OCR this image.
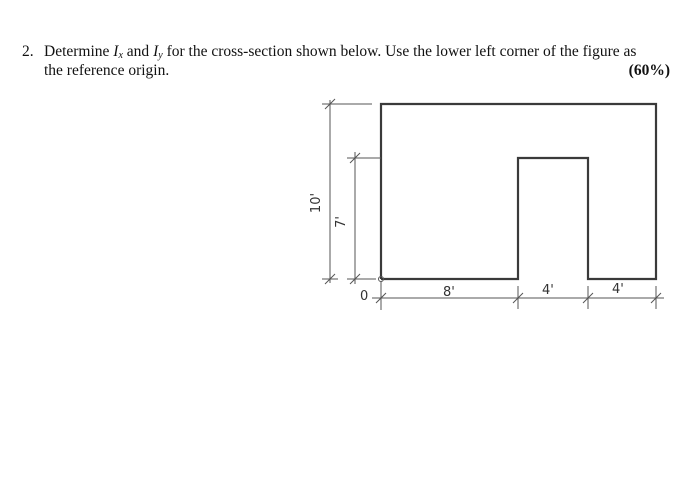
2. Determine $I_x$ and $I_y$ for the cross-section shown below. Use the lower left corner of the figure as
the reference origin.	(60%)
10'
7'
0	8'	4'	4'
